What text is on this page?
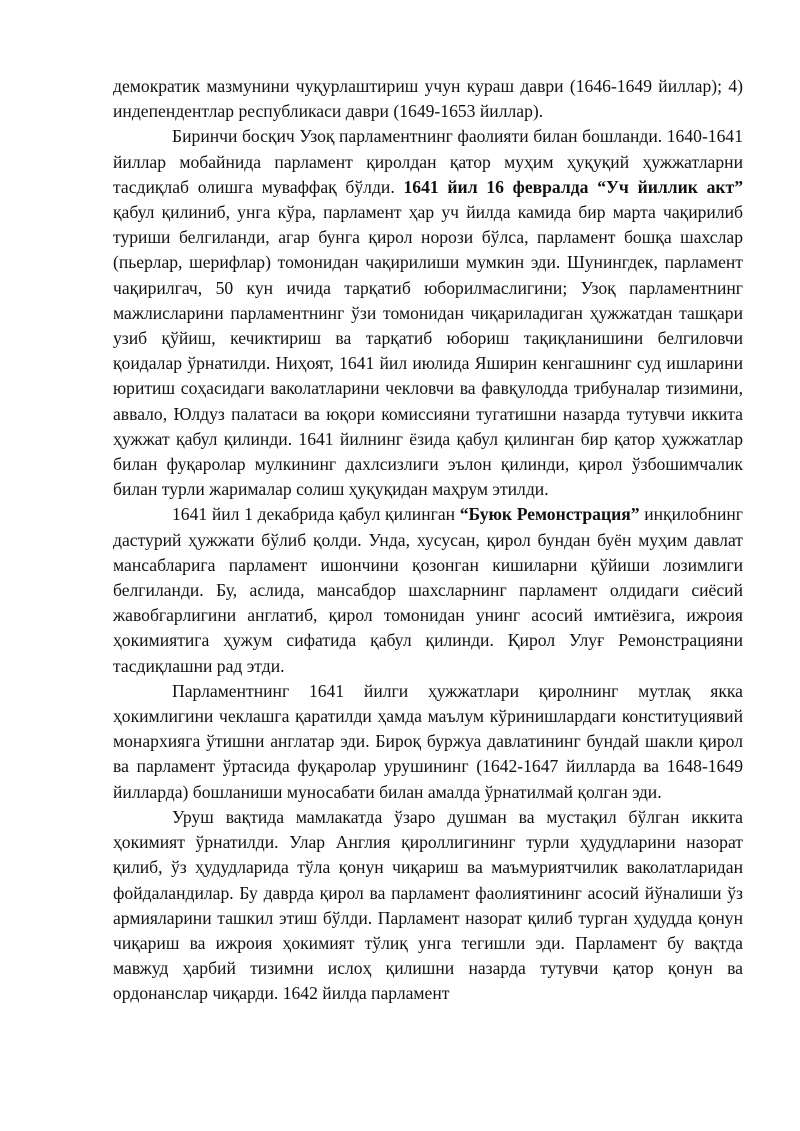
демократик мазмунини чуқурлаштириш учун кураш даври (1646-1649 йиллар); 4) индепендентлар республикаси даври (1649-1653 йиллар).

Биринчи босқич Узоқ парламентнинг фаолияти билан бошланди. 1640-1641 йиллар мобайнида парламент қиролдан қатор муҳим ҳуқуқий ҳужжатларни тасдиқлаб олишга муваффақ бўлди. 1641 йил 16 февралда “Уч йиллик акт” қабул қилиниб, унга кўра, парламент ҳар уч йилда камида бир марта чақирилиб туриши белгиланди, агар бунга қирол норози бўлса, парламент бошқа шахслар (пьерлар, шерифлар) томонидан чақирилиши мумкин эди. Шунингдек, парламент чақирилгач, 50 кун ичида тарқатиб юборилмаслигини; Узоқ парламентнинг мажлисларини парламентнинг ўзи томонидан чиқариладиган ҳужжатдан ташқари узиб қўйиш, кечиктириш ва тарқатиб юбориш тақиқланишини белгиловчи қоидалар ўрнатилди. Ниҳоят, 1641 йил июлида Яширин кенгашнинг суд ишларини юритиш соҳасидаги ваколатларини чекловчи ва фавқулодда трибуналар тизимини, аввало, Юлдуз палатаси ва юқори комиссияни тугатишни назарда тутувчи иккита ҳужжат қабул қилинди. 1641 йилнинг ёзида қабул қилинган бир қатор ҳужжатлар билан фуқаролар мулкининг дахлсизлиги эълон қилинди, қирол ўзбошимчалик билан турли жарималар солиш ҳуқуқидан маҳрум этилди.

1641 йил 1 декабрида қабул қилинган “Буюк Ремонстрация” инқилобнинг дастурий ҳужжати бўлиб қолди. Унда, хусусан, қирол бундан буён муҳим давлат мансабларига парламент ишончини қозонган кишиларни қўйиши лозимлиги белгиланди. Бу, аслида, мансабдор шахсларнинг парламент олдидаги сиёсий жавобгарлигини англатиб, қирол томонидан унинг асосий имтиёзига, ижроия ҳокимиятига ҳужум сифатида қабул қилинди. Қирол Улуғ Ремонстрацияни тасдиқлашни рад этди.

Парламентнинг 1641 йилги ҳужжатлари қиролнинг мутлақ якка ҳокимлигини чеклашга қаратилди ҳамда маълум кўринишлардаги конституциявий монархияга ўтишни англатар эди. Бироқ буржуа давлатининг бундай шакли қирол ва парламент ўртасида фуқаролар урушининг (1642-1647 йилларда ва 1648-1649 йилларда) бошланиши муносабати билан амалда ўрнатилмай қолган эди.

Уруш вақтида мамлакатда ўзаро душман ва мустақил бўлган иккита ҳокимият ўрнатилди. Улар Англия қироллигининг турли ҳудудларини назорат қилиб, ўз ҳудудларида тўла қонун чиқариш ва маъмуриятчилик ваколатларидан фойдаландилар. Бу даврда қирол ва парламент фаолиятининг асосий йўналиши ўз армияларини ташкил этиш бўлди. Парламент назорат қилиб турган ҳудудда қонун чиқариш ва ижроия ҳокимият тўлиқ унга тегишли эди. Парламент бу вақтда мавжуд ҳарбий тизимни ислоҳ қилишни назарда тутувчи қатор қонун ва ордонанслар чиқарди. 1642 йилда парламент
